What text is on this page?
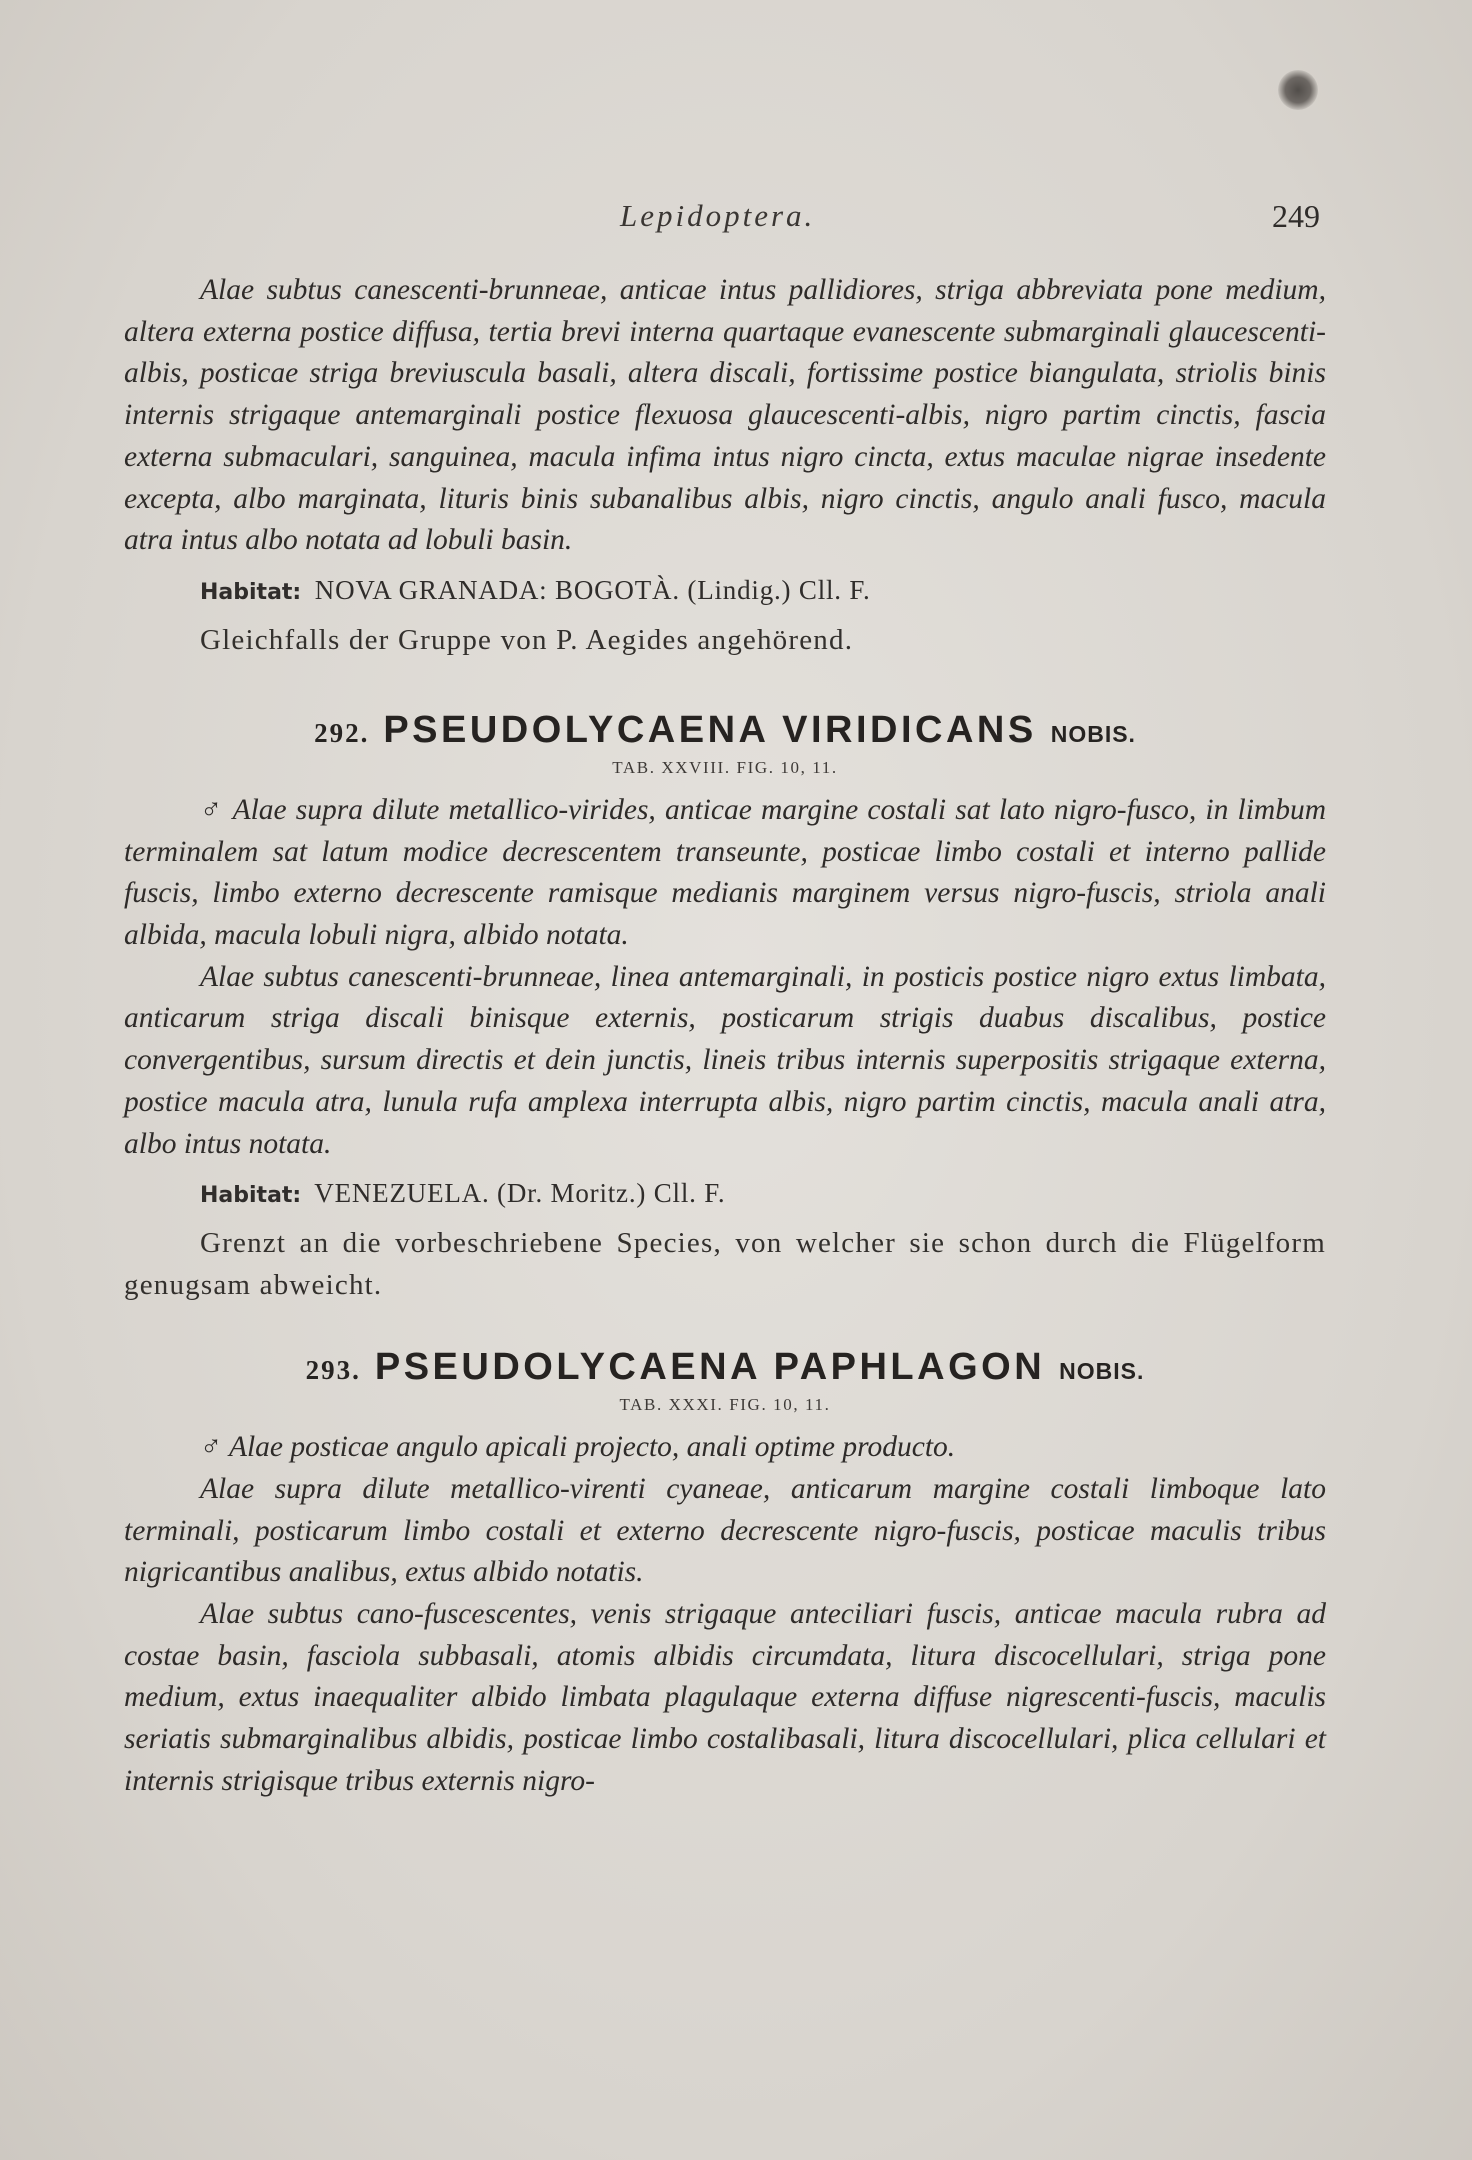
Lepidoptera.	249

Alae subtus canescenti-brunneae, anticae intus pallidiores, striga abbreviata pone medium, altera externa postice diffusa, tertia brevi interna quartaque evanescente submarginali glaucescenti-albis, posticae striga breviuscula basali, altera discali, fortissime postice biangulata, striolis binis internis strigaque antemarginali postice flexuosa glaucescenti-albis, nigro partim cinctis, fascia externa submaculari, sanguinea, macula infima intus nigro cincta, extus maculae nigrae insedente excepta, albo marginata, lituris binis subanalibus albis, nigro cinctis, angulo anali fusco, macula atra intus albo notata ad lobuli basin.

Habitat: NOVA GRANADA: BOGOTÀ. (Lindig.) Cll. F.

Gleichfalls der Gruppe von P. Aegides angehörend.

292. PSEUDOLYCAENA VIRIDICANS NOBIS.

TAB. XXVIII. FIG. 10, 11.

♂ Alae supra dilute metallico-virides, anticae margine costali sat lato nigro-fusco, in limbum terminalem sat latum modice decrescentem transeunte, posticae limbo costali et interno pallide fuscis, limbo externo decrescente ramisque medianis marginem versus nigro-fuscis, striola anali albida, macula lobuli nigra, albido notata.

Alae subtus canescenti-brunneae, linea antemarginali, in posticis postice nigro extus limbata, anticarum striga discali binisque externis, posticarum strigis duabus discalibus, postice convergentibus, sursum directis et dein junctis, lineis tribus internis superpositis strigaque externa, postice macula atra, lunula rufa amplexa interrupta albis, nigro partim cinctis, macula anali atra, albo intus notata.

Habitat: VENEZUELA. (Dr. Moritz.) Cll. F.

Grenzt an die vorbeschriebene Species, von welcher sie schon durch die Flügelform genugsam abweicht.

293. PSEUDOLYCAENA PAPHLAGON NOBIS.

TAB. XXXI. FIG. 10, 11.

♂ Alae posticae angulo apicali projecto, anali optime producto.

Alae supra dilute metallico-virenti cyaneae, anticarum margine costali limboque lato terminali, posticarum limbo costali et externo decrescente nigro-fuscis, posticae maculis tribus nigricantibus analibus, extus albido notatis.

Alae subtus cano-fuscescentes, venis strigaque anteciliari fuscis, anticae macula rubra ad costae basin, fasciola subbasali, atomis albidis circumdata, litura discocellulari, striga pone medium, extus inaequaliter albido limbata plagulaque externa diffuse nigrescenti-fuscis, maculis seriatis submarginalibus albidis, posticae limbo costalibasali, litura discocellulari, plica cellulari et internis strigisque tribus externis nigro-
